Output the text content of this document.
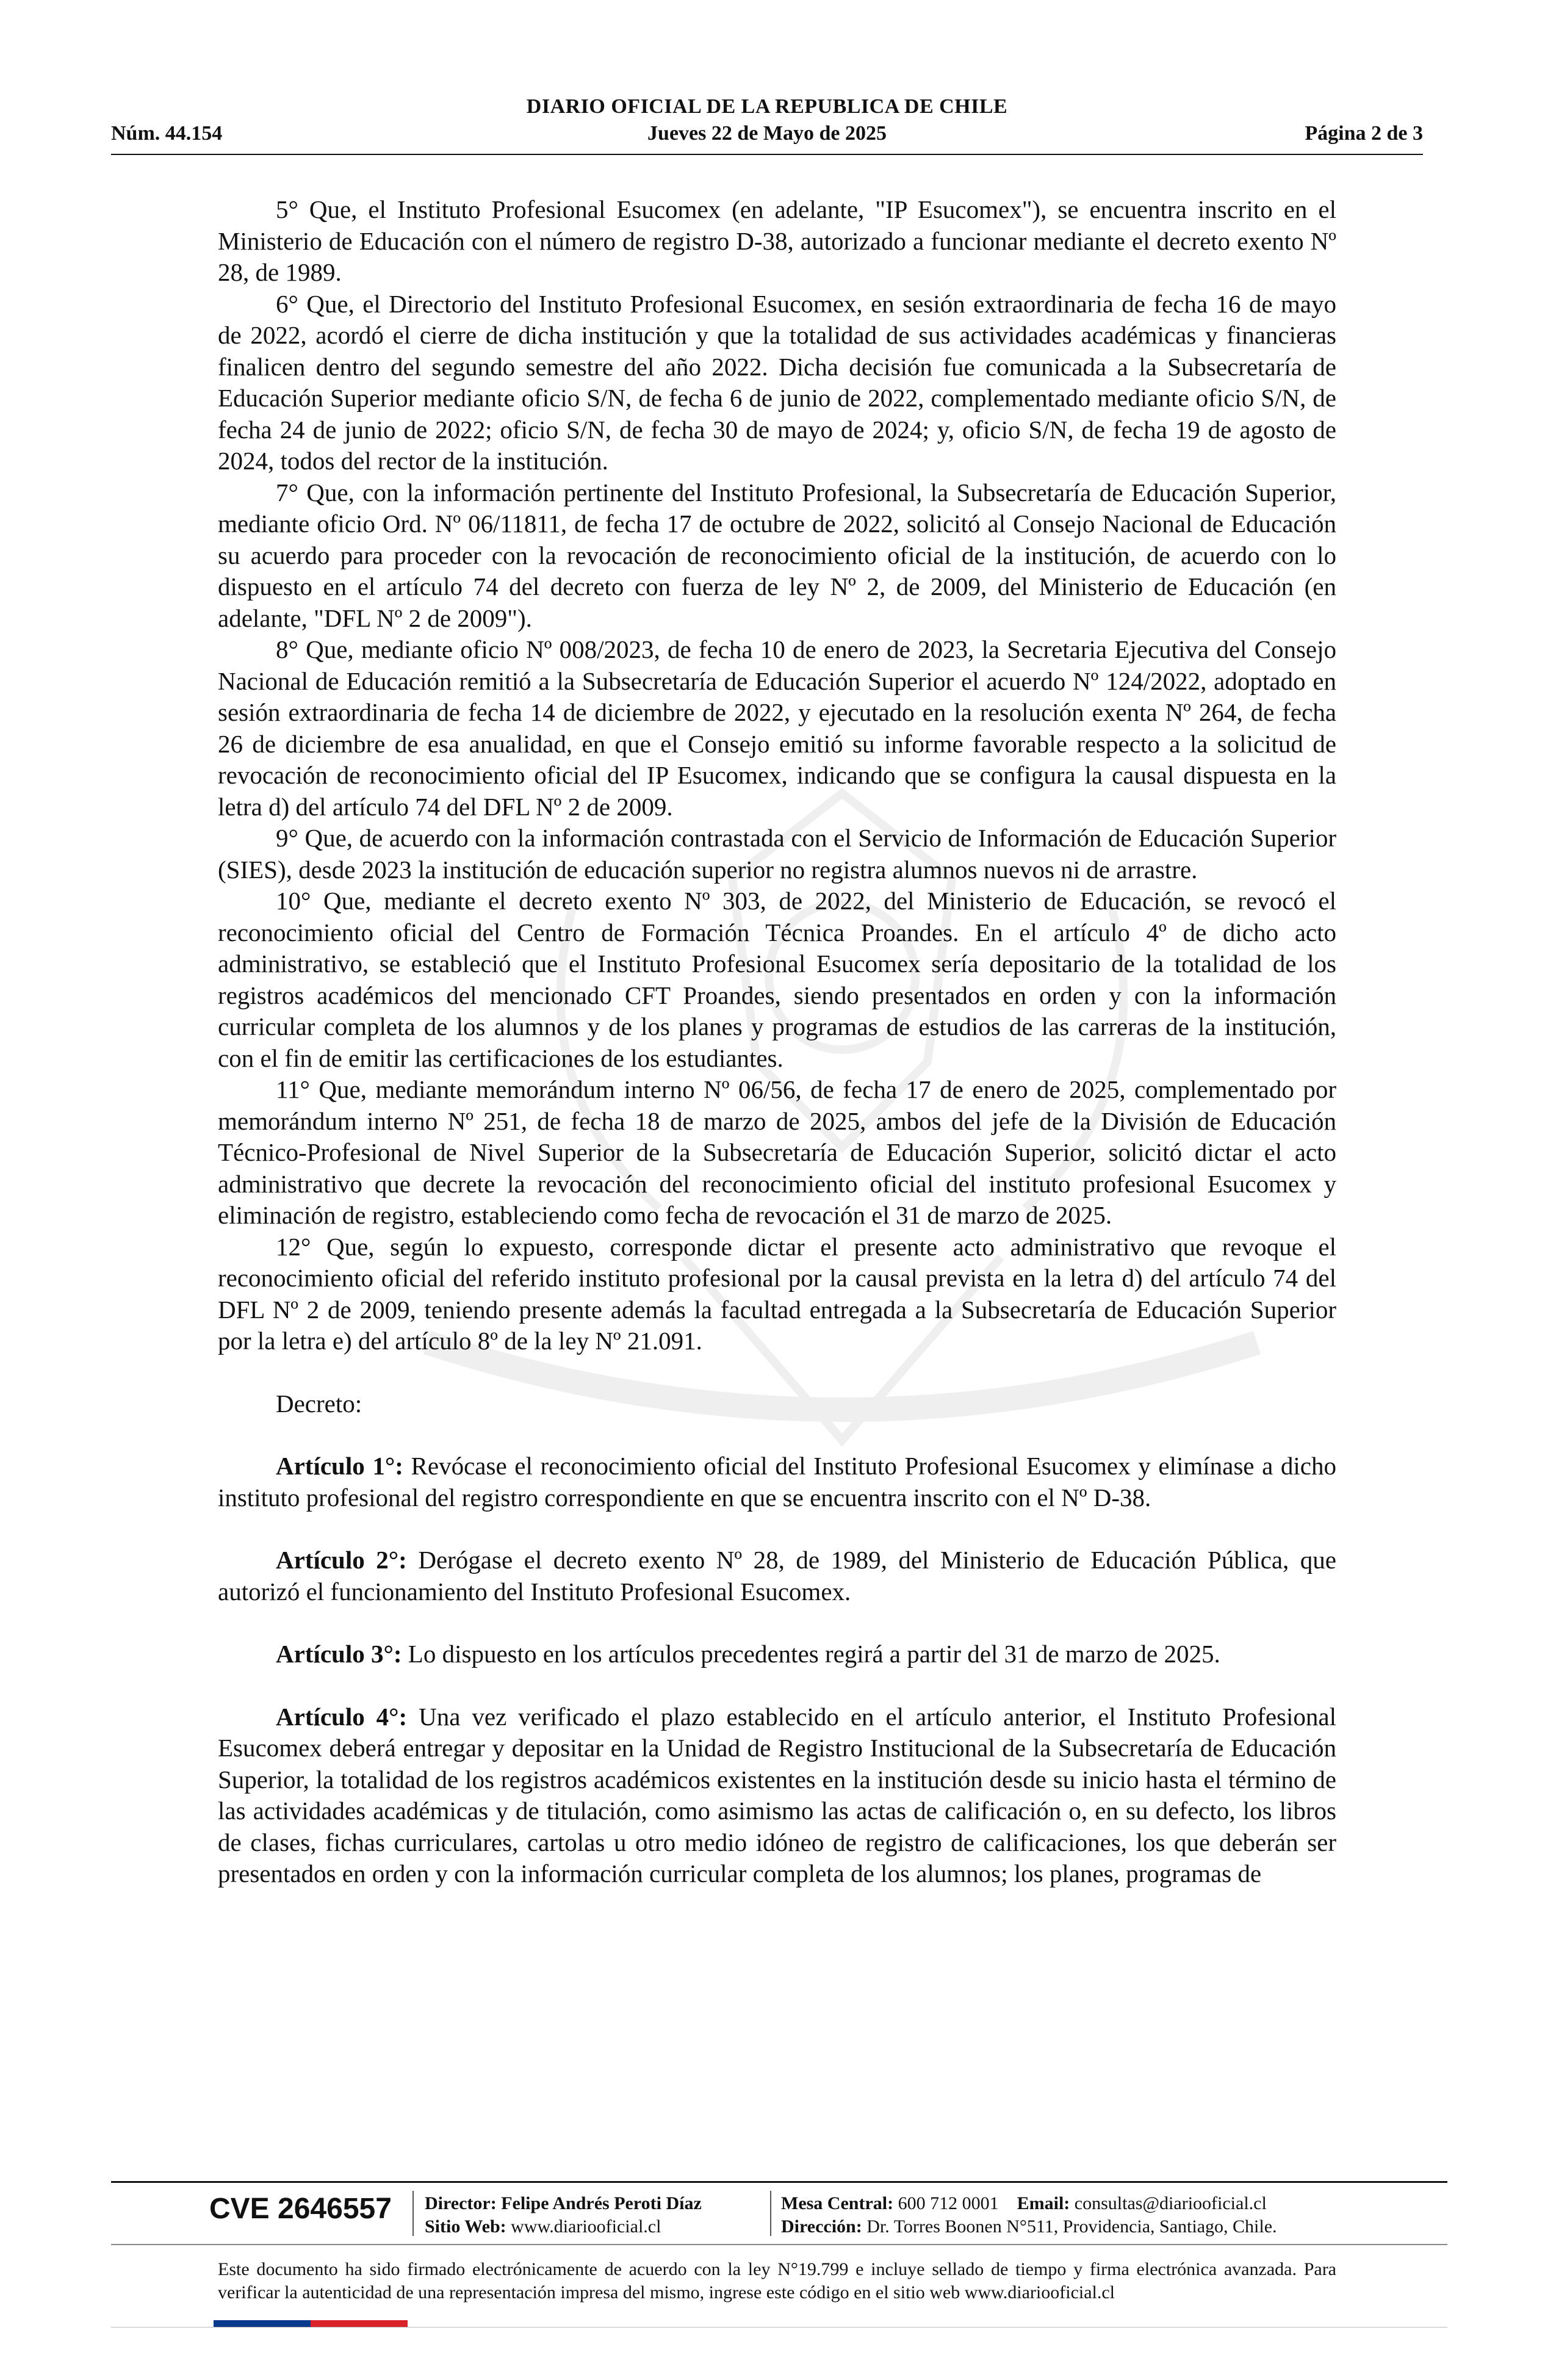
DIARIO OFICIAL DE LA REPUBLICA DE CHILE
Núm. 44.154	Jueves 22 de Mayo de 2025	Página 2 de 3

5° Que, el Instituto Profesional Esucomex (en adelante, "IP Esucomex"), se encuentra inscrito en el Ministerio de Educación con el número de registro D-38, autorizado a funcionar mediante el decreto exento Nº 28, de 1989.

6° Que, el Directorio del Instituto Profesional Esucomex, en sesión extraordinaria de fecha 16 de mayo de 2022, acordó el cierre de dicha institución y que la totalidad de sus actividades académicas y financieras finalicen dentro del segundo semestre del año 2022. Dicha decisión fue comunicada a la Subsecretaría de Educación Superior mediante oficio S/N, de fecha 6 de junio de 2022, complementado mediante oficio S/N, de fecha 24 de junio de 2022; oficio S/N, de fecha 30 de mayo de 2024; y, oficio S/N, de fecha 19 de agosto de 2024, todos del rector de la institución.

7° Que, con la información pertinente del Instituto Profesional, la Subsecretaría de Educación Superior, mediante oficio Ord. Nº 06/11811, de fecha 17 de octubre de 2022, solicitó al Consejo Nacional de Educación su acuerdo para proceder con la revocación de reconocimiento oficial de la institución, de acuerdo con lo dispuesto en el artículo 74 del decreto con fuerza de ley Nº 2, de 2009, del Ministerio de Educación (en adelante, "DFL Nº 2 de 2009").

8° Que, mediante oficio Nº 008/2023, de fecha 10 de enero de 2023, la Secretaria Ejecutiva del Consejo Nacional de Educación remitió a la Subsecretaría de Educación Superior el acuerdo Nº 124/2022, adoptado en sesión extraordinaria de fecha 14 de diciembre de 2022, y ejecutado en la resolución exenta Nº 264, de fecha 26 de diciembre de esa anualidad, en que el Consejo emitió su informe favorable respecto a la solicitud de revocación de reconocimiento oficial del IP Esucomex, indicando que se configura la causal dispuesta en la letra d) del artículo 74 del DFL Nº 2 de 2009.

9° Que, de acuerdo con la información contrastada con el Servicio de Información de Educación Superior (SIES), desde 2023 la institución de educación superior no registra alumnos nuevos ni de arrastre.

10° Que, mediante el decreto exento Nº 303, de 2022, del Ministerio de Educación, se revocó el reconocimiento oficial del Centro de Formación Técnica Proandes. En el artículo 4º de dicho acto administrativo, se estableció que el Instituto Profesional Esucomex sería depositario de la totalidad de los registros académicos del mencionado CFT Proandes, siendo presentados en orden y con la información curricular completa de los alumnos y de los planes y programas de estudios de las carreras de la institución, con el fin de emitir las certificaciones de los estudiantes.

11° Que, mediante memorándum interno Nº 06/56, de fecha 17 de enero de 2025, complementado por memorándum interno Nº 251, de fecha 18 de marzo de 2025, ambos del jefe de la División de Educación Técnico-Profesional de Nivel Superior de la Subsecretaría de Educación Superior, solicitó dictar el acto administrativo que decrete la revocación del reconocimiento oficial del instituto profesional Esucomex y eliminación de registro, estableciendo como fecha de revocación el 31 de marzo de 2025.

12° Que, según lo expuesto, corresponde dictar el presente acto administrativo que revoque el reconocimiento oficial del referido instituto profesional por la causal prevista en la letra d) del artículo 74 del DFL Nº 2 de 2009, teniendo presente además la facultad entregada a la Subsecretaría de Educación Superior por la letra e) del artículo 8º de la ley Nº 21.091.

Decreto:

Artículo 1°: Revócase el reconocimiento oficial del Instituto Profesional Esucomex y elimínase a dicho instituto profesional del registro correspondiente en que se encuentra inscrito con el Nº D-38.

Artículo 2°: Derógase el decreto exento Nº 28, de 1989, del Ministerio de Educación Pública, que autorizó el funcionamiento del Instituto Profesional Esucomex.

Artículo 3°: Lo dispuesto en los artículos precedentes regirá a partir del 31 de marzo de 2025.

Artículo 4°: Una vez verificado el plazo establecido en el artículo anterior, el Instituto Profesional Esucomex deberá entregar y depositar en la Unidad de Registro Institucional de la Subsecretaría de Educación Superior, la totalidad de los registros académicos existentes en la institución desde su inicio hasta el término de las actividades académicas y de titulación, como asimismo las actas de calificación o, en su defecto, los libros de clases, fichas curriculares, cartolas u otro medio idóneo de registro de calificaciones, los que deberán ser presentados en orden y con la información curricular completa de los alumnos; los planes, programas de

CVE 2646557 Director: Felipe Andrés Peroti Díaz
Sitio Web: www.diariooficial.cl
Mesa Central: 600 712 0001 Email: consultas@diariooficial.cl
Dirección: Dr. Torres Boonen N°511, Providencia, Santiago, Chile.
Este documento ha sido firmado electrónicamente de acuerdo con la ley N°19.799 e incluye sellado de tiempo y firma electrónica avanzada. Para verificar la autenticidad de una representación impresa del mismo, ingrese este código en el sitio web www.diariooficial.cl
